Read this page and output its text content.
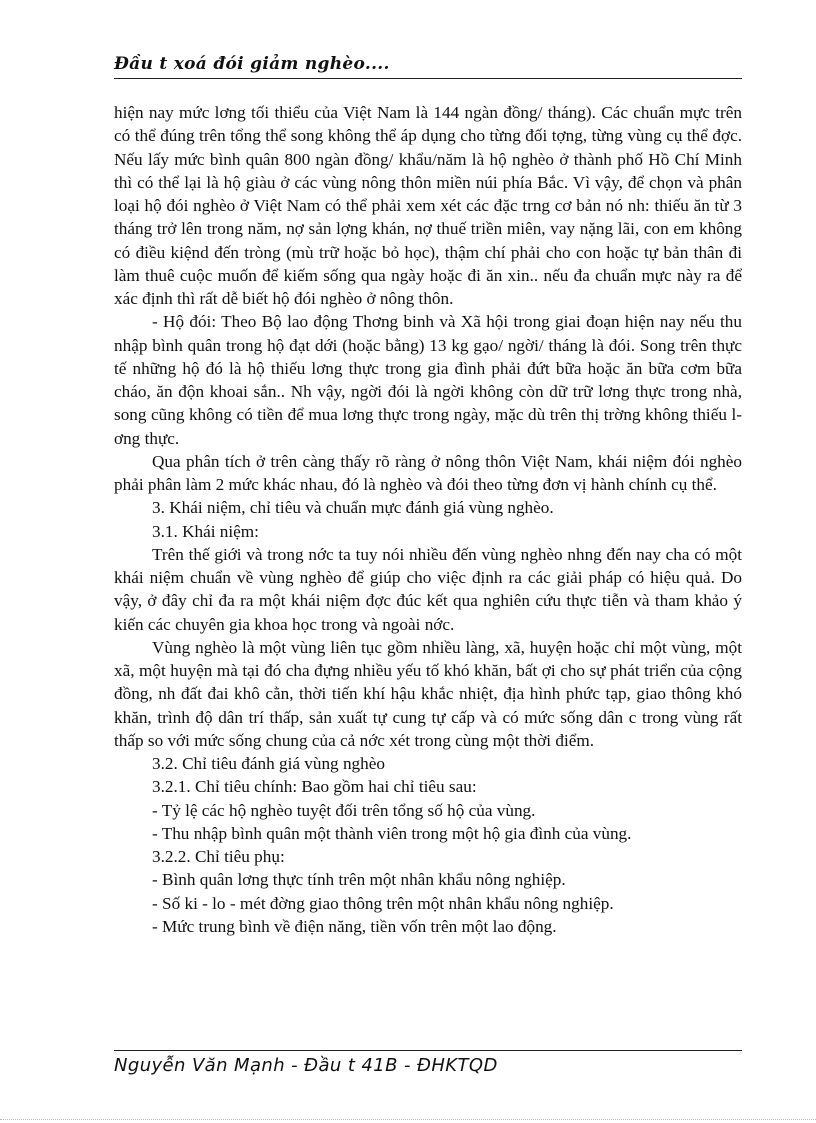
Đầu t xoá đói giảm nghèo....

hiện nay mức lơng tối thiểu của Việt Nam là 144 ngàn đồng/ tháng). Các chuẩn mực trên có thể đúng trên tổng thể song không thể áp dụng cho từng đối tợng, từng vùng cụ thể đợc. Nếu lấy mức bình quân 800 ngàn đồng/ khẩu/năm là hộ nghèo ở thành phố Hồ Chí Minh thì có thể lại là hộ giàu ở các vùng nông thôn miền núi phía Bắc. Vì vậy, để chọn và phân loại hộ đói nghèo ở Việt Nam có thể phải xem xét các đặc trng cơ bản nó nh: thiếu ăn từ 3 tháng trở lên trong năm, nợ sản lợng khán, nợ thuế triền miên, vay nặng lãi, con em không có điều kiệnd đến tròng (mù trữ hoặc bỏ học), thậm chí phải cho con hoặc tự bản thân đi làm thuê cuộc muốn để kiếm sống qua ngày hoặc đi ăn xin.. nếu đa chuẩn mực này ra để xác định thì rất dễ biết hộ đói nghèo ở nông thôn.

- Hộ đói: Theo Bộ lao động Thơng binh và Xã hội trong giai đoạn hiện nay nếu thu nhập bình quân trong hộ đạt dới (hoặc bằng) 13 kg gạo/ ngời/ tháng là đói. Song trên thực tế những hộ đó là hộ thiếu lơng thực trong gia đình phải đứt bữa hoặc ăn bữa cơm bữa cháo, ăn độn khoai sắn.. Nh vậy, ngời đói là ngời không còn dữ trữ lơng thực trong nhà, song cũng không có tiền để mua lơng thực trong ngày, mặc dù trên thị trờng không thiếu lơng thực.

Qua phân tích ở trên càng thấy rõ ràng ở nông thôn Việt Nam, khái niệm đói nghèo phải phân làm 2 mức khác nhau, đó là nghèo và đói theo từng đơn vị hành chính cụ thể.

3. Khái niệm, chỉ tiêu và chuẩn mực đánh giá vùng nghèo.

3.1. Khái niệm:

Trên thế giới và trong nớc ta tuy nói nhiều đến vùng nghèo nhng đến nay cha có một khái niệm chuẩn về vùng nghèo để giúp cho việc định ra các giải pháp có hiệu quả. Do vậy, ở đây chỉ đa ra một khái niệm đợc đúc kết qua nghiên cứu thực tiễn và tham khảo ý kiến các chuyên gia khoa học trong và ngoài nớc.

Vùng nghèo là một vùng liên tục gồm nhiều làng, xã, huyện hoặc chỉ một vùng, một xã, một huyện mà tại đó cha đựng nhiều yếu tố khó khăn, bất ợi cho sự phát triển của cộng đồng, nh đất đai khô cằn, thời tiến khí hậu khắc nhiệt, địa hình phức tạp, giao thông khó khăn, trình độ dân trí thấp, sản xuất tự cung tự cấp và có mức sống dân c trong vùng rất thấp so với mức sống chung của cả nớc xét trong cùng một thời điểm.

3.2. Chỉ tiêu đánh giá vùng nghèo

3.2.1. Chỉ tiêu chính: Bao gồm hai chỉ tiêu sau:

- Tỷ lệ các hộ nghèo tuyệt đối trên tổng số hộ của vùng.

- Thu nhập bình quân một thành viên trong một hộ gia đình của vùng.

3.2.2. Chỉ tiêu phụ:

- Bình quân lơng thực tính trên một nhân khẩu nông nghiệp.

- Số ki - lo - mét đờng giao thông trên một nhân khẩu nông nghiệp.

- Mức trung bình về điện năng, tiền vốn trên một lao động.

Nguyễn Văn Mạnh - Đầu t 41B - ĐHKTQD
